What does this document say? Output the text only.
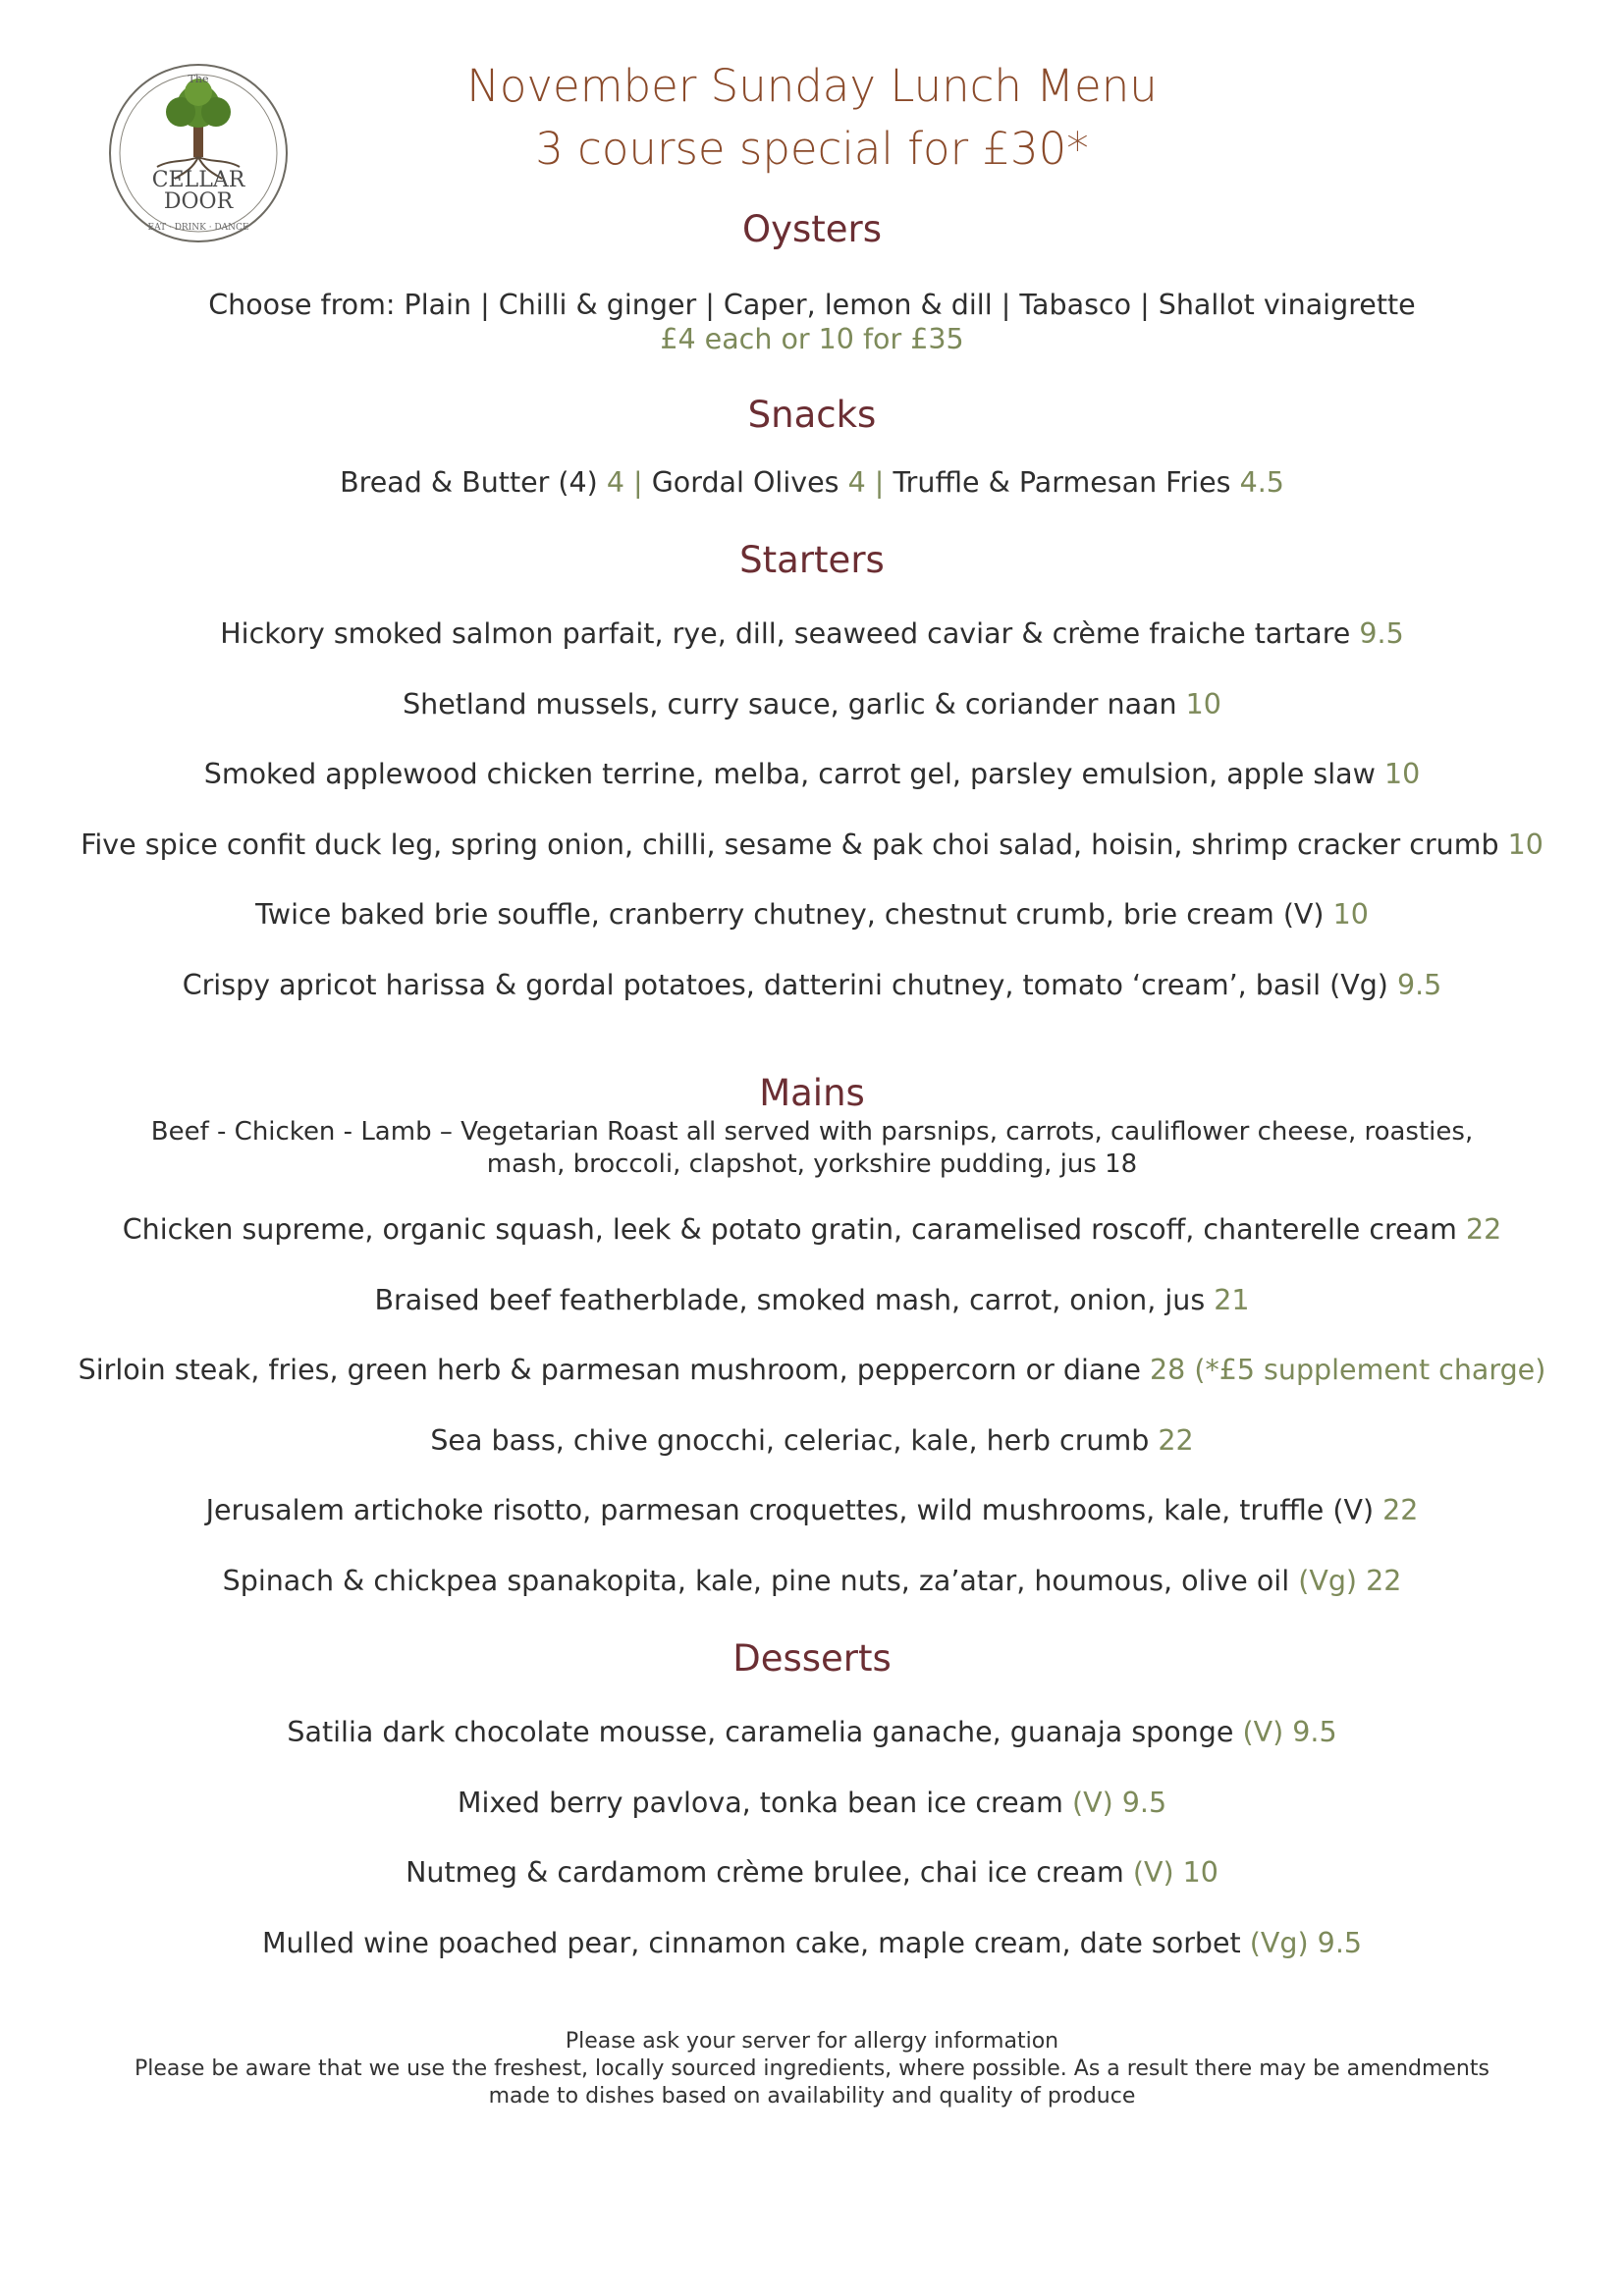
The
CELLAR
DOOR
EAT · DRINK · DANCE
November Sunday Lunch Menu
3 course special for £30*
Oysters
Choose from: Plain | Chilli & ginger | Caper, lemon & dill | Tabasco | Shallot vinaigrette
£4 each or 10 for £35
Snacks
Bread & Butter (4) 4 | Gordal Olives 4 | Truffle & Parmesan Fries 4.5
Starters
Hickory smoked salmon parfait, rye, dill, seaweed caviar & crème fraiche tartare 9.5
Shetland mussels, curry sauce, garlic & coriander naan 10
Smoked applewood chicken terrine, melba, carrot gel, parsley emulsion, apple slaw 10
Five spice confit duck leg, spring onion, chilli, sesame & pak choi salad, hoisin, shrimp cracker crumb 10
Twice baked brie souffle, cranberry chutney, chestnut crumb, brie cream (V) 10
Crispy apricot harissa & gordal potatoes, datterini chutney, tomato ‘cream’, basil (Vg) 9.5
Mains
Beef - Chicken - Lamb – Vegetarian Roast all served with parsnips, carrots, cauliflower cheese, roasties, mash, broccoli, clapshot, yorkshire pudding, jus 18
Chicken supreme, organic squash, leek & potato gratin, caramelised roscoff, chanterelle cream 22
Braised beef featherblade, smoked mash, carrot, onion, jus 21
Sirloin steak, fries, green herb & parmesan mushroom, peppercorn or diane 28 (*£5 supplement charge)
Sea bass, chive gnocchi, celeriac, kale, herb crumb 22
Jerusalem artichoke risotto, parmesan croquettes, wild mushrooms, kale, truffle (V) 22
Spinach & chickpea spanakopita, kale, pine nuts, za’atar, houmous, olive oil (Vg) 22
Desserts
Satilia dark chocolate mousse, caramelia ganache, guanaja sponge (V) 9.5
Mixed berry pavlova, tonka bean ice cream (V) 9.5
Nutmeg & cardamom crème brulee, chai ice cream (V) 10
Mulled wine poached pear, cinnamon cake, maple cream, date sorbet (Vg) 9.5
Please ask your server for allergy information
Please be aware that we use the freshest, locally sourced ingredients, where possible. As a result there may be amendments made to dishes based on availability and quality of produce
